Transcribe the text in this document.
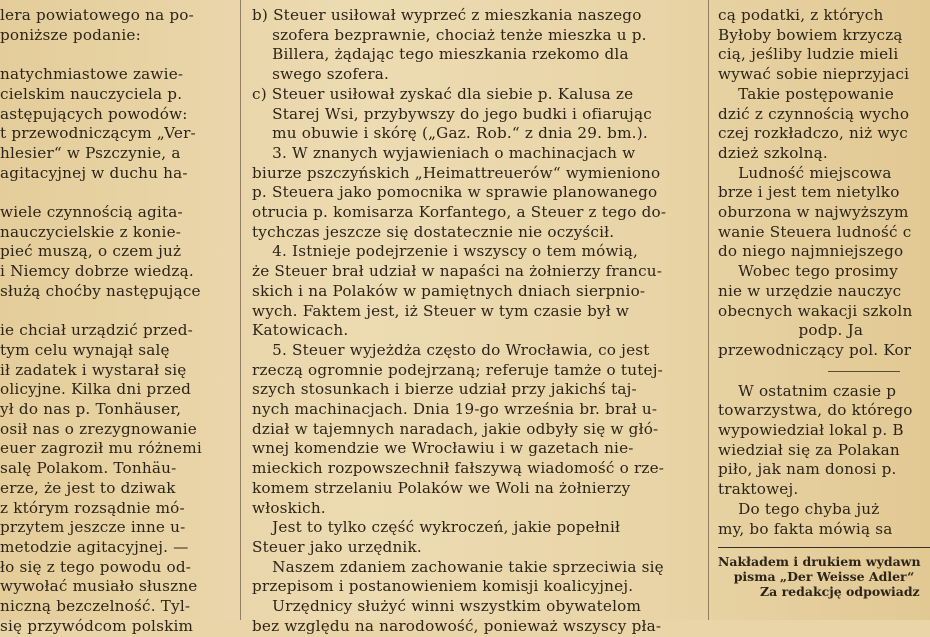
lera powiatowego na po-

poniższe podanie:

natychmiastowe zawie-

cielskim nauczyciela p.

astępujących powodów:

t przewodniczącym „Ver-

hlesier“ w Pszczynie, a

agitacyjnej w duchu ha-

wiele czynnością agita-

nauczycielskie z konie-

pieć muszą, o czem już

i Niemcy dobrze wiedzą.

służą choćby następujące

ie chciał urządzić przed-

tym celu wynajął salę

ił zadatek i wystarał się

olicyjne. Kilka dni przed

ył do nas p. Tonhäuser,

osił nas o zrezygnowanie

euer zagroził mu różnemi

salę Polakom. Tonhäu-

erze, że jest to dziwak

z którym rozsądnie mó-

przytem jeszcze inne u-

metodzie agitacyjnej. —

ło się z tego powodu od-

wywołać musiało słuszne

niczną bezczelność. Tyl-

się przywódcom polskim

b) Steuer usiłował wyprzeć z mieszkania naszego

szofera bezprawnie, chociaż tenże mieszka u p.

Billera, żądając tego mieszkania rzekomo dla

swego szofera.

c) Steuer usiłował zyskać dla siebie p. Kalusa ze

Starej Wsi, przybywszy do jego budki i ofiarując

mu obuwie i skórę („Gaz. Rob.“ z dnia 29. bm.).

3. W znanych wyjawieniach o machinacjach w

biurze pszczyńskich „Heimattreuerów“ wymieniono

p. Steuera jako pomocnika w sprawie planowanego

otrucia p. komisarza Korfantego, a Steuer z tego do-

tychczas jeszcze się dostatecznie nie oczyścił.

4. Istnieje podejrzenie i wszyscy o tem mówią,

że Steuer brał udział w napaści na żołnierzy francu-

skich i na Polaków w pamiętnych dniach sierpnio-

wych. Faktem jest, iż Steuer w tym czasie był w

Katowicach.

5. Steuer wyjeżdża często do Wrocławia, co jest

rzeczą ogromnie podejrzaną; referuje tamże o tutej-

szych stosunkach i bierze udział przy jakichś taj-

nych machinacjach. Dnia 19-go września br. brał u-

dział w tajemnych naradach, jakie odbyły się w głó-

wnej komendzie we Wrocławiu i w gazetach nie-

mieckich rozpowszechnił fałszywą wiadomość o rze-

komem strzelaniu Polaków we Woli na żołnierzy

włoskich.

Jest to tylko część wykroczeń, jakie popełnił

Steuer jako urzędnik.

Naszem zdaniem zachowanie takie sprzeciwia się

przepisom i postanowieniem komisji koalicyjnej.

Urzędnicy służyć winni wszystkim obywatelom

bez względu na narodowość, ponieważ wszyscy pła-

cą podatki, z których

Byłoby bowiem krzyczą

cią, jeśliby ludzie mieli

wywać sobie nieprzyjaci

Takie postępowanie

dzić z czynnością wycho

czej rozkładczo, niż wyc

dzież szkolną.

Ludność miejscowa

brze i jest tem nietylko

oburzona w najwyższym

wanie Steuera ludność c

do niego najmniejszego

Wobec tego prosimy

nie w urzędzie nauczyc

obecnych wakacji szkoln

podp. Ja

przewodniczący pol. Kor

W ostatnim czasie p

towarzystwa, do którego

wypowiedział lokal p. B

wiedział się za Polakan

piło, jak nam donosi p.

traktowej.

Do tego chyba już

my, bo fakta mówią sa

Nakładem i drukiem wydawn

pisma „Der Weisse Adler“

Za redakcję odpowiadz
